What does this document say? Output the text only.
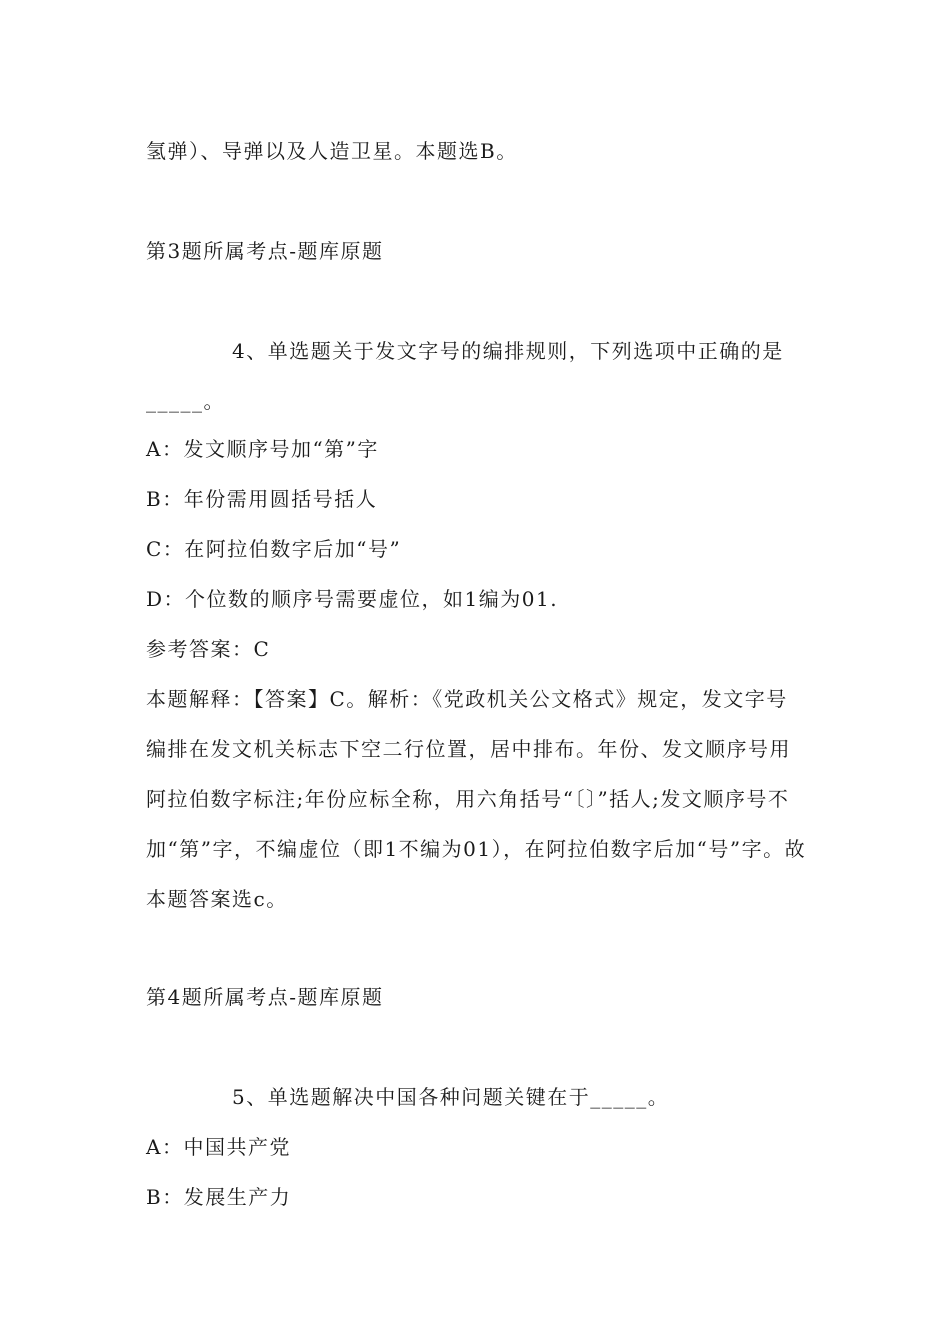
氢弹）、导弹以及人造卫星。本题选B。
第3题所属考点-题库原题
4、单选题关于发文字号的编排规则，下列选项中正确的是
_____。
A：发文顺序号加“第”字
B：年份需用圆括号括人
C：在阿拉伯数字后加“号”
D：个位数的顺序号需要虚位，如1编为01.
参考答案：C
本题解释：【答案】C。解析：《党政机关公文格式》规定，发文字号编排在发文机关标志下空二行位置，居中排布。年份、发文顺序号用阿拉伯数字标注;年份应标全称，用六角括号“〔〕”括人;发文顺序号不加“第”字，不编虚位（即1不编为01），在阿拉伯数字后加“号”字。故本题答案选c。
第4题所属考点-题库原题
5、单选题解决中国各种问题关键在于_____。
A：中国共产党
B：发展生产力
